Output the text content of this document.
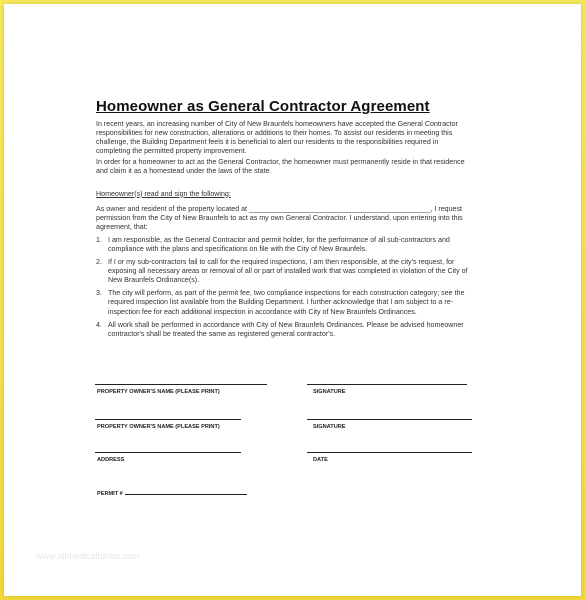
Homeowner as General Contractor Agreement

In recent years, an increasing number of City of New Braunfels homeowners have accepted the General Contractor responsibilities for new construction, alterations or additions to their homes. To assist our residents in meeting this challenge, the Building Department feels it is beneficial to alert our residents to the responsibilities required in completing the permitted property improvement.

In order for a homeowner to act as the General Contractor, the homeowner must permanently reside in that residence and claim it as a homestead under the laws of the state.

Homeowner(s) read and sign the following:
As owner and resident of the property located at ______________________________________________, I request permission from the City of New Braunfels to act as my own General Contractor. I understand, upon entering into this agreement, that:
1. I am responsible, as the General Contractor and permit holder, for the performance of all sub-contractors and compliance with the plans and specifications on file with the City of New Braunfels.
2. If I or my sub-contractors fail to call for the required inspections, I am then responsible, at the city's request, for exposing all necessary areas or removal of all or part of installed work that was completed in violation of the City of New Braunfels Ordinance(s).
3. The city will perform, as part of the permit fee, two compliance inspections for each construction category; see the required inspection list available from the Building Department. I further acknowledge that I am subject to a re-inspection fee for each additional inspection in accordance with City of New Braunfels Ordinances.
4. All work shall be performed in accordance with City of New Braunfels Ordinances. Please be advised homeowner contractor's shall be treated the same as registered general contractor's.
PROPERTY OWNER'S NAME (PLEASE PRINT)	SIGNATURE
PROPERTY OWNER'S NAME (PLEASE PRINT)	SIGNATURE
ADDRESS	DATE
PERMIT #
www.allmedicalforms.com
